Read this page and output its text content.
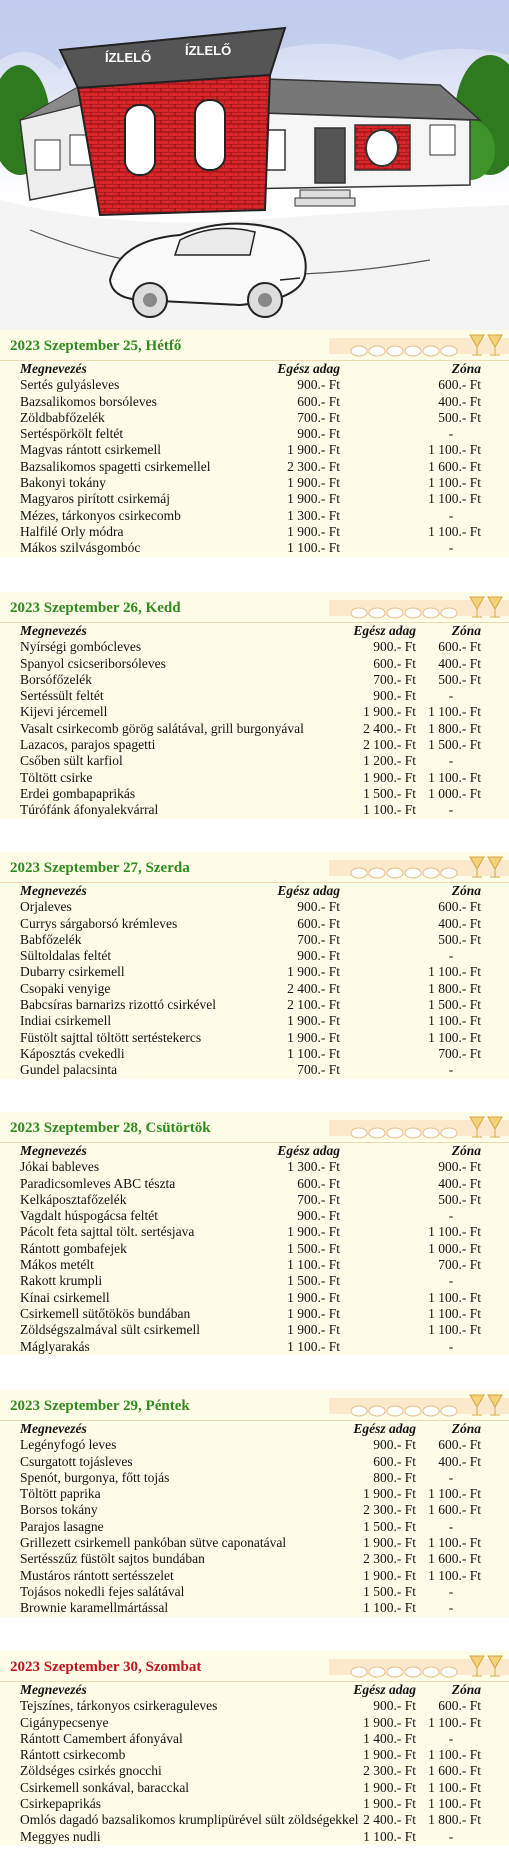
ÍZLELŐ	ÍZLELŐ
2023 Szeptember 25, Hétfő
Megnevezés	Egész adag	Zóna
Sertés gulyásleves	900.- Ft	600.- Ft
Bazsalikomos borsóleves	600.- Ft	400.- Ft
Zöldbabfőzelék	700.- Ft	500.- Ft
Sertéspörkölt feltét	900.- Ft	-
Magvas rántott csirkemell	1 900.- Ft	1 100.- Ft
Bazsalikomos spagetti csirkemellel	2 300.- Ft	1 600.- Ft
Bakonyi tokány	1 900.- Ft	1 100.- Ft
Magyaros pirított csirkemáj	1 900.- Ft	1 100.- Ft
Mézes, tárkonyos csirkecomb	1 300.- Ft	-
Halfilé Orly módra	1 900.- Ft	1 100.- Ft
Mákos szilvásgombóc	1 100.- Ft	-
2023 Szeptember 26, Kedd
Megnevezés	Egész adag	Zóna
Nyírségi gombócleves	900.- Ft	600.- Ft
Spanyol csicseriborsóleves	600.- Ft	400.- Ft
Borsófőzelék	700.- Ft	500.- Ft
Sertéssült feltét	900.- Ft	-
Kijevi jércemell	1 900.- Ft 1 100.- Ft
Vasalt csirkecomb görög salátával, grill burgonyával	2 400.- Ft 1 800.- Ft
Lazacos, parajos spagetti	2 100.- Ft 1 500.- Ft
Csőben sült karfiol	1 200.- Ft	-
Töltött csirke	1 900.- Ft 1 100.- Ft
Erdei gombapaprikás	1 500.- Ft 1 000.- Ft
Túrófánk áfonyalekvárral	1 100.- Ft	-
2023 Szeptember 27, Szerda
Megnevezés	Egész adag	Zóna
Orjaleves	900.- Ft	600.- Ft
Currys sárgaborsó krémleves	600.- Ft	400.- Ft
Babfőzelék	700.- Ft	500.- Ft
Sültoldalas feltét	900.- Ft	-
Dubarry csirkemell	1 900.- Ft	1 100.- Ft
Csopaki venyige	2 400.- Ft	1 800.- Ft
Babcsíras barnarizs rizottó csirkével	2 100.- Ft	1 500.- Ft
Indiai csirkemell	1 900.- Ft	1 100.- Ft
Füstölt sajttal töltött sertéstekercs	1 900.- Ft	1 100.- Ft
Káposztás cvekedli	1 100.- Ft	700.- Ft
Gundel palacsinta	700.- Ft	-
2023 Szeptember 28, Csütörtök
Megnevezés	Egész adag	Zóna
Jókai bableves	1 300.- Ft	900.- Ft
Paradicsomleves ABC tészta	600.- Ft	400.- Ft
Kelkáposztafőzelék	700.- Ft	500.- Ft
Vagdalt húspogácsa feltét	900.- Ft	-
Pácolt feta sajttal tölt. sertésjava	1 900.- Ft	1 100.- Ft
Rántott gombafejek	1 500.- Ft	1 000.- Ft
Mákos metélt	1 100.- Ft	700.- Ft
Rakott krumpli	1 500.- Ft	-
Kínai csirkemell	1 900.- Ft	1 100.- Ft
Csirkemell sütőtökös bundában	1 900.- Ft	1 100.- Ft
Zöldségszalmával sült csirkemell	1 900.- Ft	1 100.- Ft
Máglyarakás	1 100.- Ft	-
2023 Szeptember 29, Péntek
Megnevezés	Egész adag	Zóna
Legényfogó leves	900.- Ft	600.- Ft
Csurgatott tojásleves	600.- Ft	400.- Ft
Spenót, burgonya, főtt tojás	800.- Ft	-
Töltött paprika	1 900.- Ft 1 100.- Ft
Borsos tokány	2 300.- Ft 1 600.- Ft
Parajos lasagne	1 500.- Ft	-
Grillezett csirkemell pankóban sütve caponatával	1 900.- Ft 1 100.- Ft
Sertésszűz füstölt sajtos bundában	2 300.- Ft 1 600.- Ft
Mustáros rántott sertésszelet	1 900.- Ft 1 100.- Ft
Tojásos nokedli fejes salátával	1 500.- Ft	-
Brownie karamellmártással	1 100.- Ft	-
2023 Szeptember 30, Szombat
Megnevezés	Egész adag	Zóna
Tejszínes, tárkonyos csirkeraguleves	900.- Ft	600.- Ft
Cigánypecsenye	1 900.- Ft 1 100.- Ft
Rántott Camembert áfonyával	1 400.- Ft	-
Rántott csirkecomb	1 900.- Ft 1 100.- Ft
Zöldséges csirkés gnocchi	2 300.- Ft 1 600.- Ft
Csirkemell sonkával, baracckal	1 900.- Ft 1 100.- Ft
Csirkepaprikás	1 900.- Ft 1 100.- Ft
Omlós dagadó bazsalikomos krumplipürével sült zöldségekkel 2 400.- Ft 1 800.- Ft
Meggyes nudli	1 100.- Ft	-
